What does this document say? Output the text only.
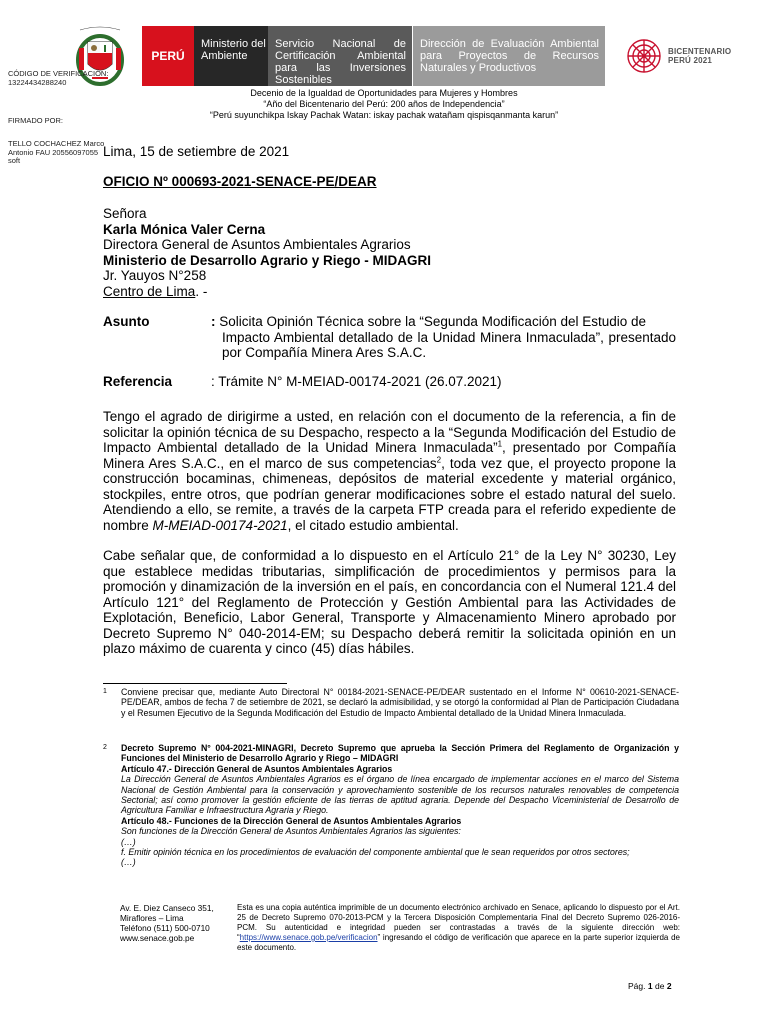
PERÚ
Ministerio del Ambiente
Servicio Nacional de Certificación Ambiental para las Inversiones Sostenibles
Dirección de Evaluación Ambiental para Proyectos de Recursos Naturales y Productivos
BICENTENARIO
PERÚ 2021
CÓDIGO DE VERIFICACIÓN:
13224434288240
FIRMADO POR:
TELLO COCHACHEZ Marco Antonio FAU 20556097055 soft
Decenio de la Igualdad de Oportunidades para Mujeres y Hombres
“Año del Bicentenario del Perú: 200 años de Independencia”
“Perú suyunchikpa Iskay Pachak Watan: iskay pachak watañam qispisqanmanta karun”
Lima, 15 de setiembre de 2021
OFICIO Nº 000693-2021-SENACE-PE/DEAR
Señora
Karla Mónica Valer Cerna
Directora General de Asuntos Ambientales Agrarios
Ministerio de Desarrollo Agrario y Riego - MIDAGRI
Jr. Yauyos N°258
Centro de Lima. -
Asunto	: Solicita Opinión Técnica sobre la “Segunda Modificación del Estudio de
Impacto Ambiental detallado de la Unidad Minera Inmaculada”, presentado por Compañía Minera Ares S.A.C.
Referencia	: Trámite N° M-MEIAD-00174-2021 (26.07.2021)
Tengo el agrado de dirigirme a usted, en relación con el documento de la referencia, a fin de solicitar la opinión técnica de su Despacho, respecto a la “Segunda Modificación del Estudio de Impacto Ambiental detallado de la Unidad Minera Inmaculada”$^1$, presentado por Compañía Minera Ares S.A.C., en el marco de sus competencias$^2$, toda vez que, el proyecto propone la construcción bocaminas, chimeneas, depósitos de material excedente y material orgánico, stockpiles, entre otros, que podrían generar modificaciones sobre el estado natural del suelo. Atendiendo a ello, se remite, a través de la carpeta FTP creada para el referido expediente de nombre M-MEIAD-00174-2021, el citado estudio ambiental.
Cabe señalar que, de conformidad a lo dispuesto en el Artículo 21° de la Ley N° 30230, Ley que establece medidas tributarias, simplificación de procedimientos y permisos para la promoción y dinamización de la inversión en el país, en concordancia con el Numeral 121.4 del Artículo 121° del Reglamento de Protección y Gestión Ambiental para las Actividades de Explotación, Beneficio, Labor General, Transporte y Almacenamiento Minero aprobado por Decreto Supremo N° 040-2014-EM; su Despacho deberá remitir la solicitada opinión en un plazo máximo de cuarenta y cinco (45) días hábiles.
1 Conviene precisar que, mediante Auto Directoral N° 00184-2021-SENACE-PE/DEAR sustentado en el Informe N° 00610-2021-SENACE-PE/DEAR, ambos de fecha 7 de setiembre de 2021, se declaró la admisibilidad, y se otorgó la conformidad al Plan de Participación Ciudadana y el Resumen Ejecutivo de la Segunda Modificación del Estudio de Impacto Ambiental detallado de la Unidad Minera Inmaculada.
2 Decreto Supremo N° 004-2021-MINAGRI, Decreto Supremo que aprueba la Sección Primera del Reglamento de Organización y Funciones del Ministerio de Desarrollo Agrario y Riego – MIDAGRI
Artículo 47.- Dirección General de Asuntos Ambientales Agrarios
La Dirección General de Asuntos Ambientales Agrarios es el órgano de línea encargado de implementar acciones en el marco del Sistema Nacional de Gestión Ambiental para la conservación y aprovechamiento sostenible de los recursos naturales renovables de competencia Sectorial; así como promover la gestión eficiente de las tierras de aptitud agraria. Depende del Despacho Viceministerial de Desarrollo de Agricultura Familiar e Infraestructura Agraria y Riego.
Artículo 48.- Funciones de la Dirección General de Asuntos Ambientales Agrarios
Son funciones de la Dirección General de Asuntos Ambientales Agrarios las siguientes:
(…)
f. Emitir opinión técnica en los procedimientos de evaluación del componente ambiental que le sean requeridos por otros sectores;
(…)
Av. E. Diez Canseco 351,
Miraflores – Lima
Teléfono (511) 500-0710
www.senace.gob.pe
Esta es una copia auténtica imprimible de un documento electrónico archivado en Senace, aplicando lo dispuesto por el Art. 25 de Decreto Supremo 070-2013-PCM y la Tercera Disposición Complementaria Final del Decreto Supremo 026-2016-PCM. Su autenticidad e integridad pueden ser contrastadas a través de la siguiente dirección web: “https://www.senace.gob.pe/verificacion” ingresando el código de verificación que aparece en la parte superior izquierda de este documento.
Pág. 1 de 2
